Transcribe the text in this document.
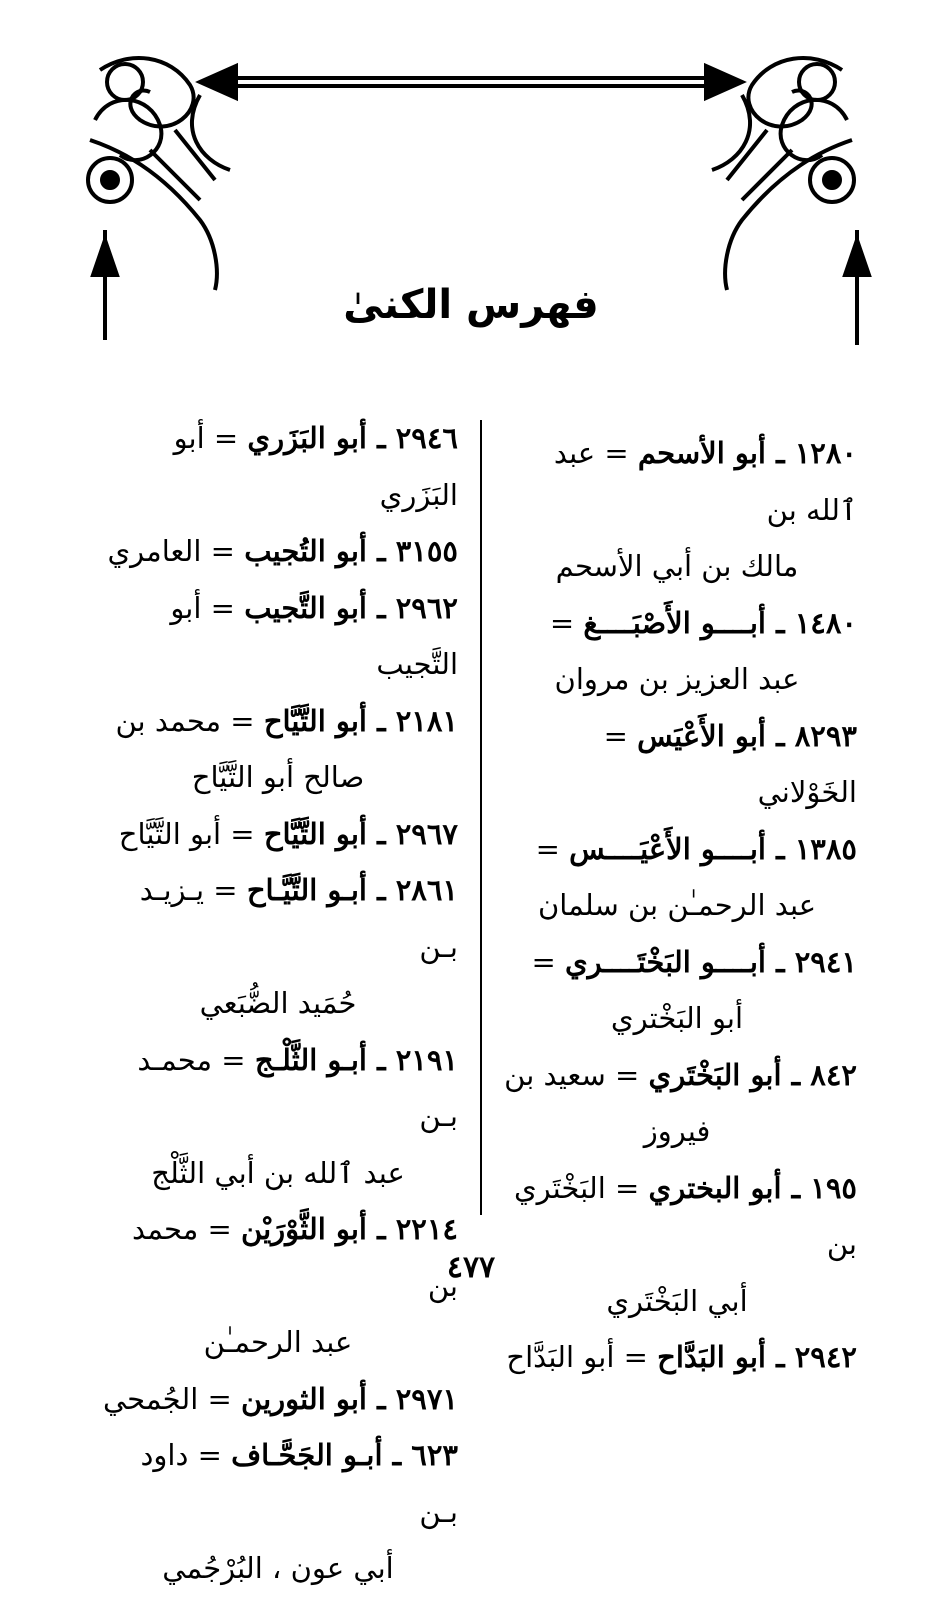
فهرس الكنىٰ
١٢٨٠ ـ أبو الأسحم = عبد ٱلله بن
مالك بن أبي الأسحم
١٤٨٠ ـ أبــــو الأَصْبَــــغ =
عبد العزيز بن مروان
٨٢٩٣ ـ أبو الأَعْيَس = الخَوْلاني
١٣٨٥ ـ أبــــو الأَعْيَــــس =
عبد الرحمـٰن بن سلمان
٢٩٤١ ـ أبــــو البَخْتَــــري =
أبو البَخْتري
٨٤٢ ـ أبو البَخْتَري = سعيد بن
فيروز
١٩٥ ـ أبو البختري = البَخْتَري بن
أبي البَخْتَري
٢٩٤٢ ـ أبو البَدَّاح = أبو البَدَّاح
٢٩٤٦ ـ أبو البَزَري = أبو البَزَري
٣١٥٥ ـ أبو التُجيب = العامري
٢٩٦٢ ـ أبو التَّجيب = أبو التَّجيب
٢١٨١ ـ أبو التَّيَّاح = محمد بن
صالح أبو التَّيَّاح
٢٩٦٧ ـ أبو التَّيَّاح = أبو التَّيَّاح
٢٨٦١ ـ أبـو التَّيَّـاح = يـزيـد بـن
حُمَيد الضُّبَعي
٢١٩١ ـ أبـو الثَّلْـج = محمـد بـن
عبد ٱلله بن أبي الثَّلْج
٢٢١٤ ـ أبو الثَّوْرَيْن = محمد بن
عبد الرحمـٰن
٢٩٧١ ـ أبو الثورين = الجُمحي
٦٢٣ ـ أبـو الجَحَّـاف = داود بـن
أبي عون ، البُرْجُمي
٤٧٧
